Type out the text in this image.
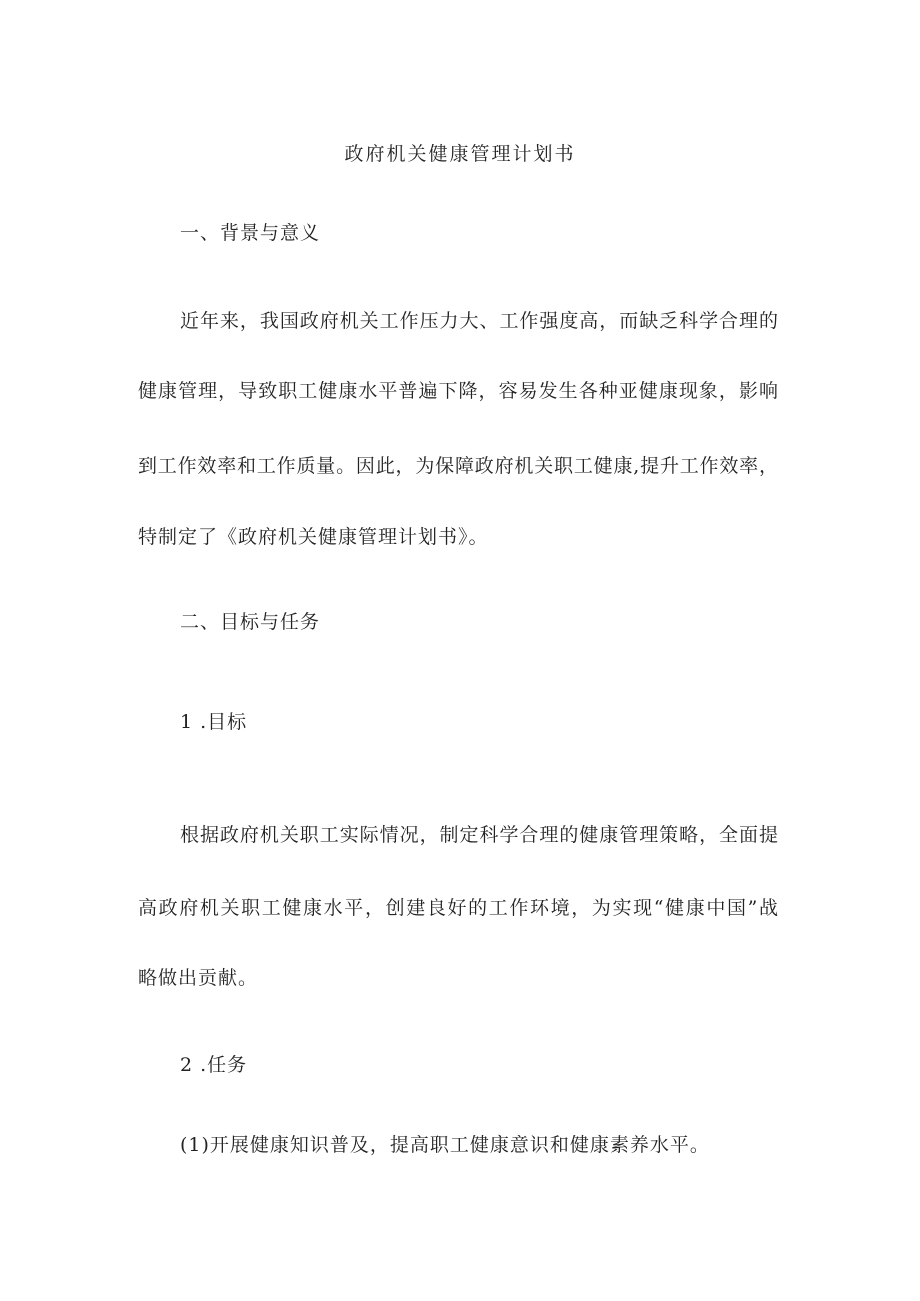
政府机关健康管理计划书
一、背景与意义
近年来，我国政府机关工作压力大、工作强度高，而缺乏科学合理的
健康管理，导致职工健康水平普遍下降，容易发生各种亚健康现象，影响
到工作效率和工作质量。因此，为保障政府机关职工健康,提升工作效率，
特制定了《政府机关健康管理计划书》。
二、目标与任务
1 .目标
根据政府机关职工实际情况，制定科学合理的健康管理策略，全面提
高政府机关职工健康水平，创建良好的工作环境，为实现“健康中国”战
略做出贡献。
2 .任务
(1)开展健康知识普及，提高职工健康意识和健康素养水平。
